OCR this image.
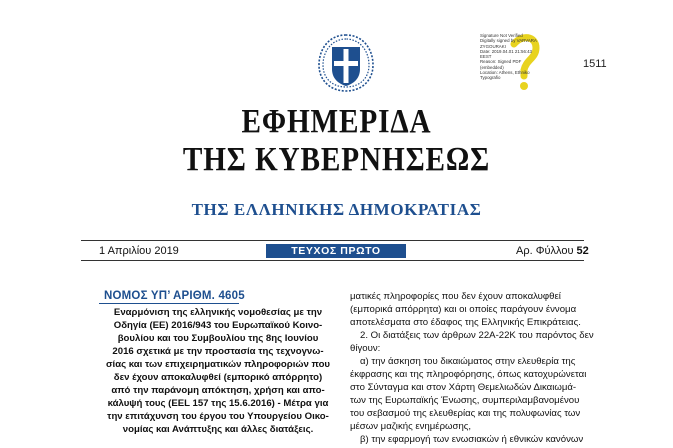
1511
Signature Not Verified
Digitally signed by VARVARA ZYGOURAKI
Date: 2019.04.01 21:56:43
EEST
Reason: Signed PDF
(embedded)
Location: Athens, Ethniko
Typografio
ΕΦΗΜΕΡΙΔΑ
ΤΗΣ ΚΥΒΕΡΝΗΣΕΩΣ
ΤΗΣ ΕΛΛΗΝΙΚΗΣ ΔΗΜΟΚΡΑΤΙΑΣ
1 Απριλίου 2019	ΤΕΥΧΟΣ ΠΡΩΤΟ	Αρ. Φύλλου 52
ΝΟΜΟΣ ΥΠ’ ΑΡΙΘΜ. 4605
Εναρμόνιση της ελληνικής νομοθεσίας με την
Οδηγία (ΕΕ) 2016/943 του Ευρωπαϊκού Κοινο-
βουλίου και του Συμβουλίου της 8ης Ιουνίου
2016 σχετικά με την προστασία της τεχνογνω-
σίας και των επιχειρηματικών πληροφοριών που
δεν έχουν αποκαλυφθεί (εμπορικό απόρρητο)
από την παράνομη απόκτηση, χρήση και απο-
κάλυψή τους (EEL 157 της 15.6.2016) - Μέτρα για
την επιτάχυνση του έργου του Υπουργείου Οικο-
νομίας και Ανάπτυξης και άλλες διατάξεις.
ματικές πληροφορίες που δεν έχουν αποκαλυφθεί
(εμπορικά απόρρητα) και οι οποίες παράγουν έννομα
αποτελέσματα στο έδαφος της Ελληνικής Επικράτειας.
2. Οι διατάξεις των άρθρων 22Α-22Κ του παρόντος δεν
θίγουν:
α) την άσκηση του δικαιώματος στην ελευθερία της
έκφρασης και της πληροφόρησης, όπως κατοχυρώνεται
στο Σύνταγμα και στον Χάρτη Θεμελιωδών Δικαιωμά-
των της Ευρωπαϊκής Ένωσης, συμπεριλαμβανομένου
του σεβασμού της ελευθερίας και της πολυφωνίας των
μέσων μαζικής ενημέρωσης,
β) την εφαρμογή των ενωσιακών ή εθνικών κανόνων
